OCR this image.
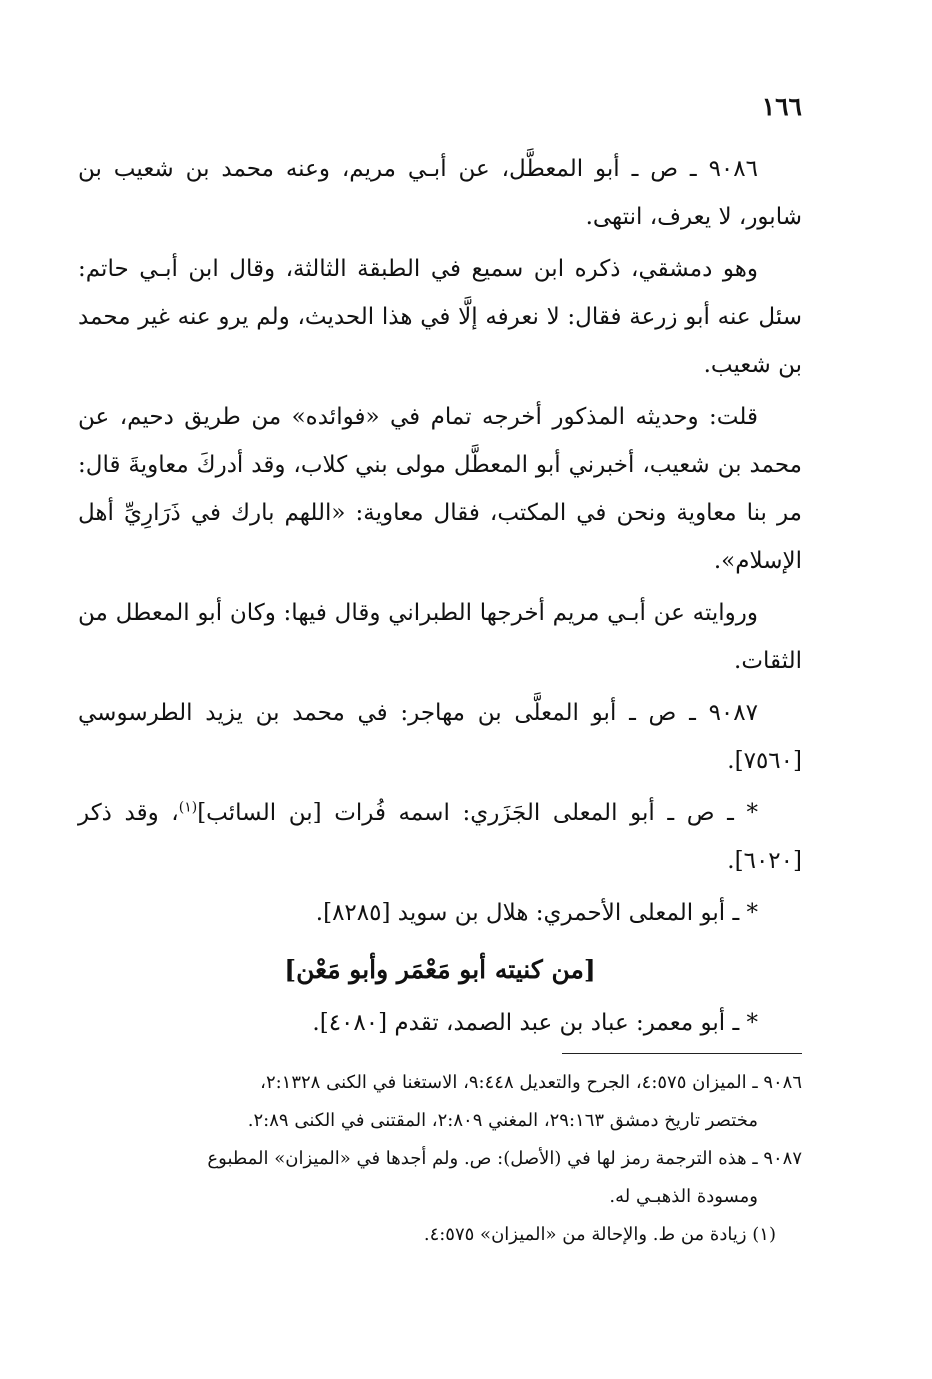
١٦٦

٩٠٨٦ ـ ص ـ أبو المعطَّل، عن أبـي مريم، وعنه محمد بن شعيب بن شابور، لا يعرف، انتهى.

وهو دمشقي، ذكره ابن سميع في الطبقة الثالثة، وقال ابن أبـي حاتم: سئل عنه أبو زرعة فقال: لا نعرفه إلَّا في هذا الحديث، ولم يرو عنه غير محمد بن شعيب.

قلت: وحديثه المذكور أخرجه تمام في «فوائده» من طريق دحيم، عن محمد بن شعيب، أخبرني أبو المعطَّل مولى بني كلاب، وقد أدركَ معاويةَ قال: مر بنا معاوية ونحن في المكتب، فقال معاوية: «اللهم بارك في ذَرَارِيِّ أهل الإسلام».

وروايته عن أبـي مريم أخرجها الطبراني وقال فيها: وكان أبو المعطل من الثقات.

٩٠٨٧ ـ ص ـ أبو المعلَّى بن مهاجر: في محمد بن يزيد الطرسوسي [٧٥٦٠].

* ـ ص ـ أبو المعلى الجَزَري: اسمه فُرات [بن السائب]$^{(١)}$، وقد ذكر [٦٠٢٠].

* ـ أبو المعلى الأحمري: هلال بن سويد [٨٢٨٥].

[من كنيته أبو مَعْمَر وأبو مَعْن]

* ـ أبو معمر: عباد بن عبد الصمد، تقدم [٤٠٨٠].

٩٠٨٦ ـ الميزان ٤:٥٧٥، الجرح والتعديل ٩:٤٤٨، الاستغنا في الكنى ٢:١٣٢٨،
مختصر تاريخ دمشق ٢٩:١٦٣، المغني ٢:٨٠٩، المقتنى في الكنى ٢:٨٩.
٩٠٨٧ ـ هذه الترجمة رمز لها في (الأصل): ص. ولم أجدها في «الميزان» المطبوع
ومسودة الذهبـي له.
(١) زيادة من ط. والإحالة من «الميزان» ٤:٥٧٥.
